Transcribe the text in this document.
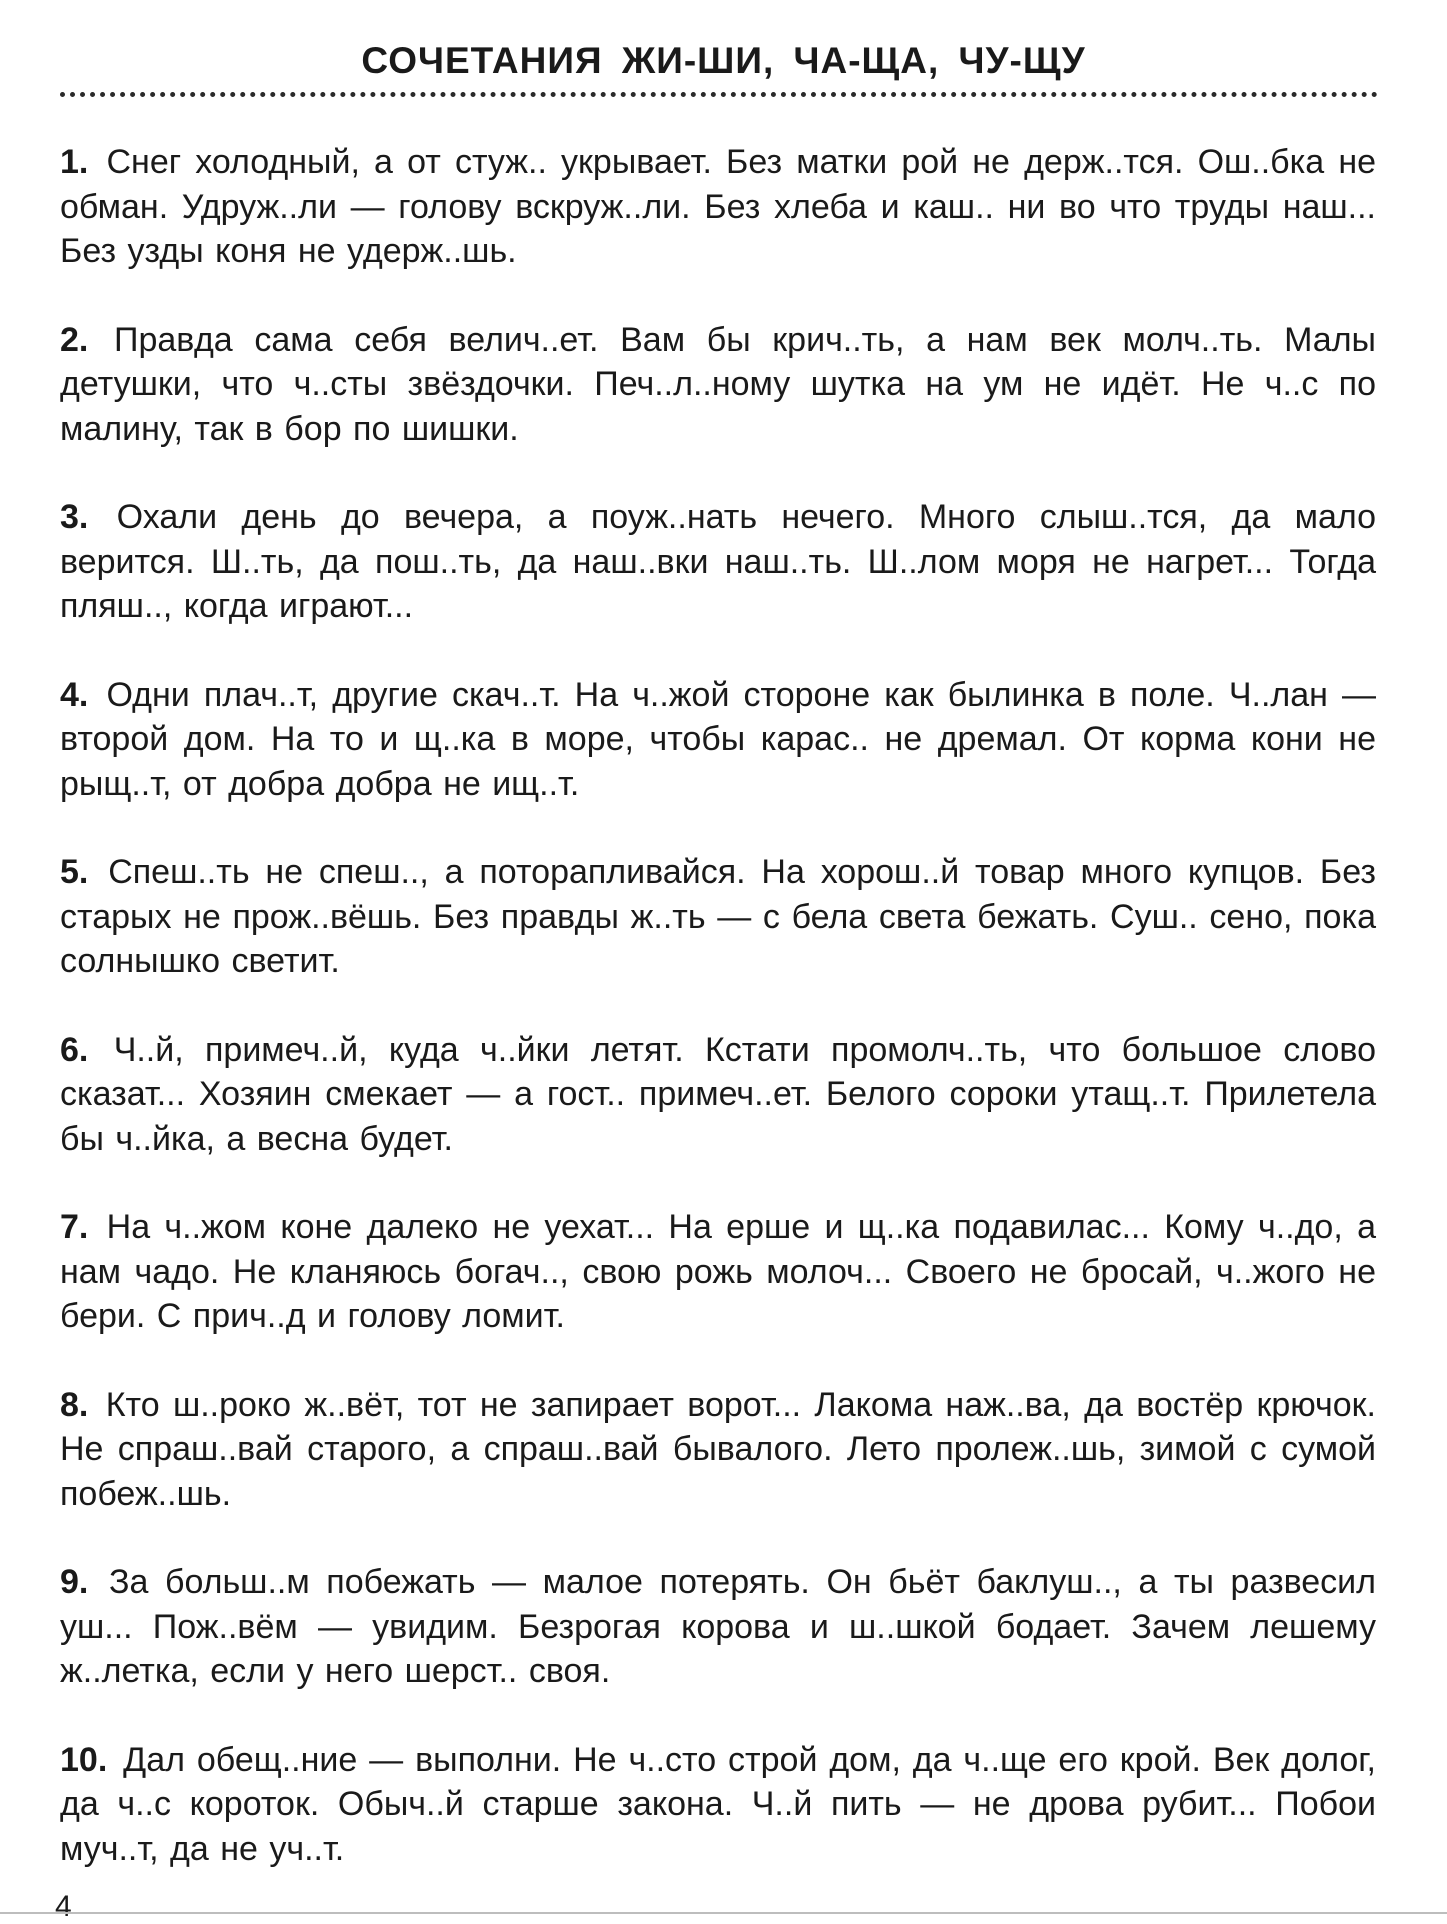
СОЧЕТАНИЯ ЖИ-ШИ, ЧА-ЩА, ЧУ-ЩУ

1. Снег холодный, а от стуж.. укрывает. Без матки рой не держ..тся. Ош..бка не обман. Удруж..ли — голову вскруж..ли. Без хлеба и каш.. ни во что труды наш... Без узды коня не удерж..шь.

2. Правда сама себя велич..ет. Вам бы крич..ть, а нам век молч..ть. Малы детушки, что ч..сты звёздочки. Печ..л..ному шутка на ум не идёт. Не ч..с по малину, так в бор по шишки.

3. Охали день до вечера, а поуж..нать нечего. Много слыш..тся, да мало верится. Ш..ть, да пош..ть, да наш..вки наш..ть. Ш..лом моря не нагрет... Тогда пляш.., когда играют...

4. Одни плач..т, другие скач..т. На ч..жой стороне как былинка в поле. Ч..лан — второй дом. На то и щ..ка в море, чтобы карас.. не дремал. От корма кони не рыщ..т, от добра добра не ищ..т.

5. Спеш..ть не спеш.., а поторапливайся. На хорош..й товар много купцов. Без старых не прож..вёшь. Без правды ж..ть — с бела света бежать. Суш.. сено, пока солнышко светит.

6. Ч..й, примеч..й, куда ч..йки летят. Кстати промолч..ть, что большое слово сказат... Хозяин смекает — а гост.. примеч..ет. Белого сороки утащ..т. Прилетела бы ч..йка, а весна будет.

7. На ч..жом коне далеко не уехат... На ерше и щ..ка подавилас... Кому ч..до, а нам чадо. Не кланяюсь богач.., свою рожь молоч... Своего не бросай, ч..жого не бери. С прич..д и голову ломит.

8. Кто ш..роко ж..вёт, тот не запирает ворот... Лакома наж..ва, да востёр крючок. Не спраш..вай старого, а спраш..вай бывалого. Лето пролеж..шь, зимой с сумой побеж..шь.

9. За больш..м побежать — малое потерять. Он бьёт баклуш.., а ты развесил уш... Пож..вём — увидим. Безрогая корова и ш..шкой бодает. Зачем лешему ж..летка, если у него шерст.. своя.

10. Дал обещ..ние — выполни. Не ч..сто строй дом, да ч..ще его крой. Век долог, да ч..с короток. Обыч..й старше закона. Ч..й пить — не дрова рубит... Побои муч..т, да не уч..т.

4
